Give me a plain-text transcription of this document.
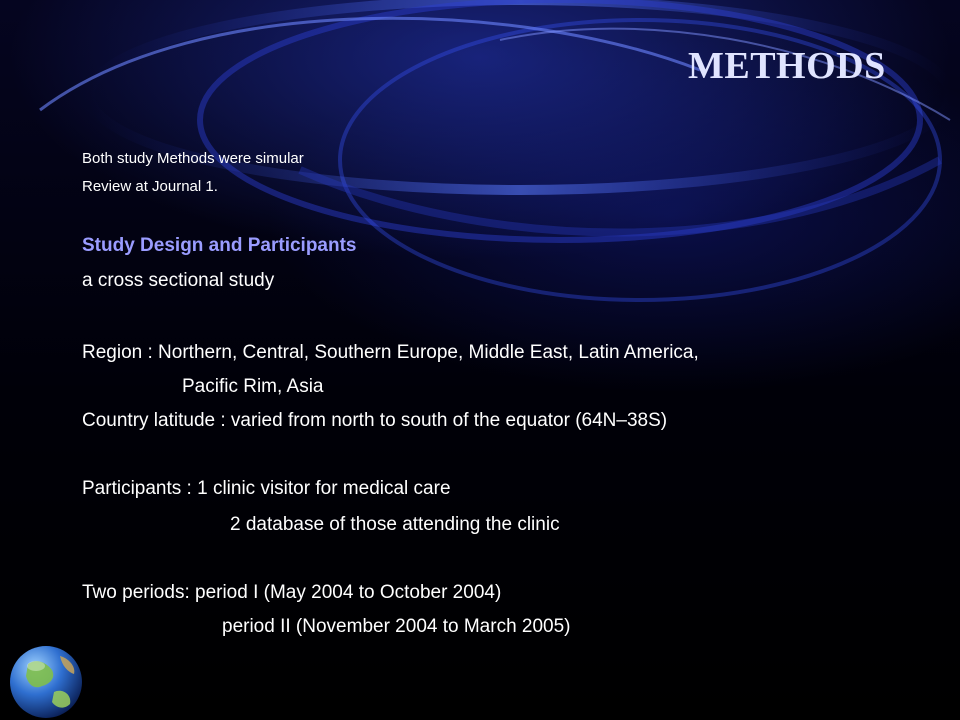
METHODS
Both study Methods were simular
Review at Journal 1.
Study Design and Participants
a cross sectional study
Region : Northern, Central, Southern Europe, Middle East, Latin America,
Pacific Rim, Asia
Country latitude : varied from north to south of the equator (64N–38S)
Participants : 1 clinic visitor for medical care
2 database of those attending the clinic
Two periods: period I (May 2004 to October 2004)
period II (November 2004 to March 2005)
